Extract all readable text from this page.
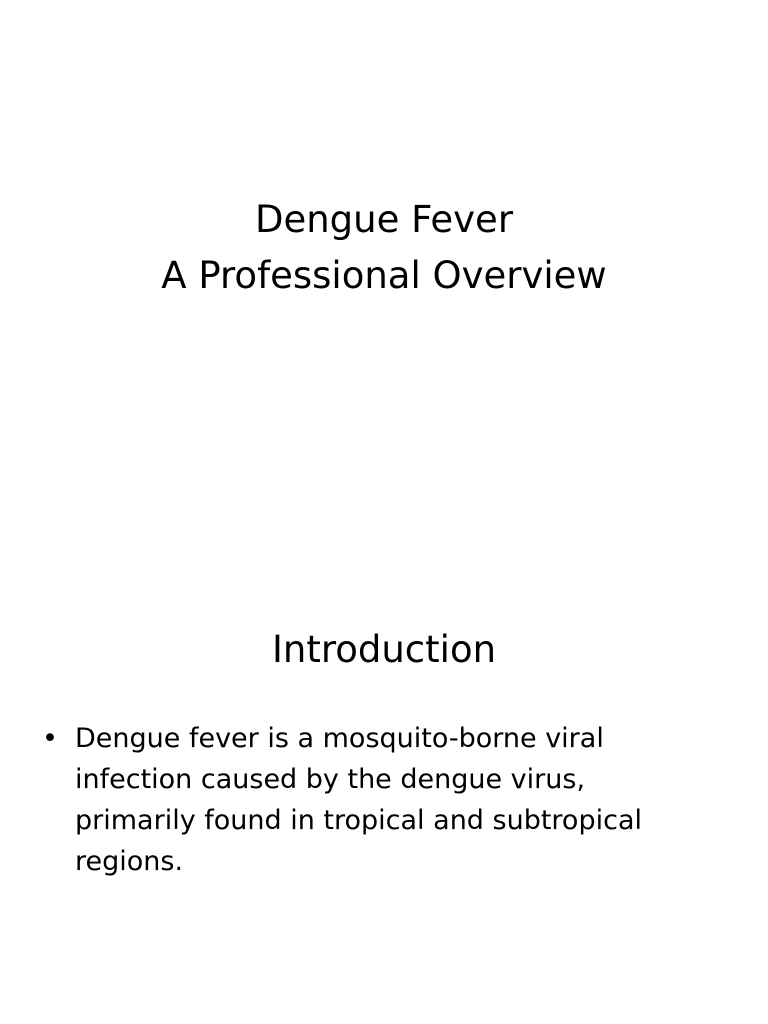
Dengue Fever
A Professional Overview
Introduction
• Dengue fever is a mosquito-borne viral infection caused by the dengue virus, primarily found in tropical and subtropical regions.
